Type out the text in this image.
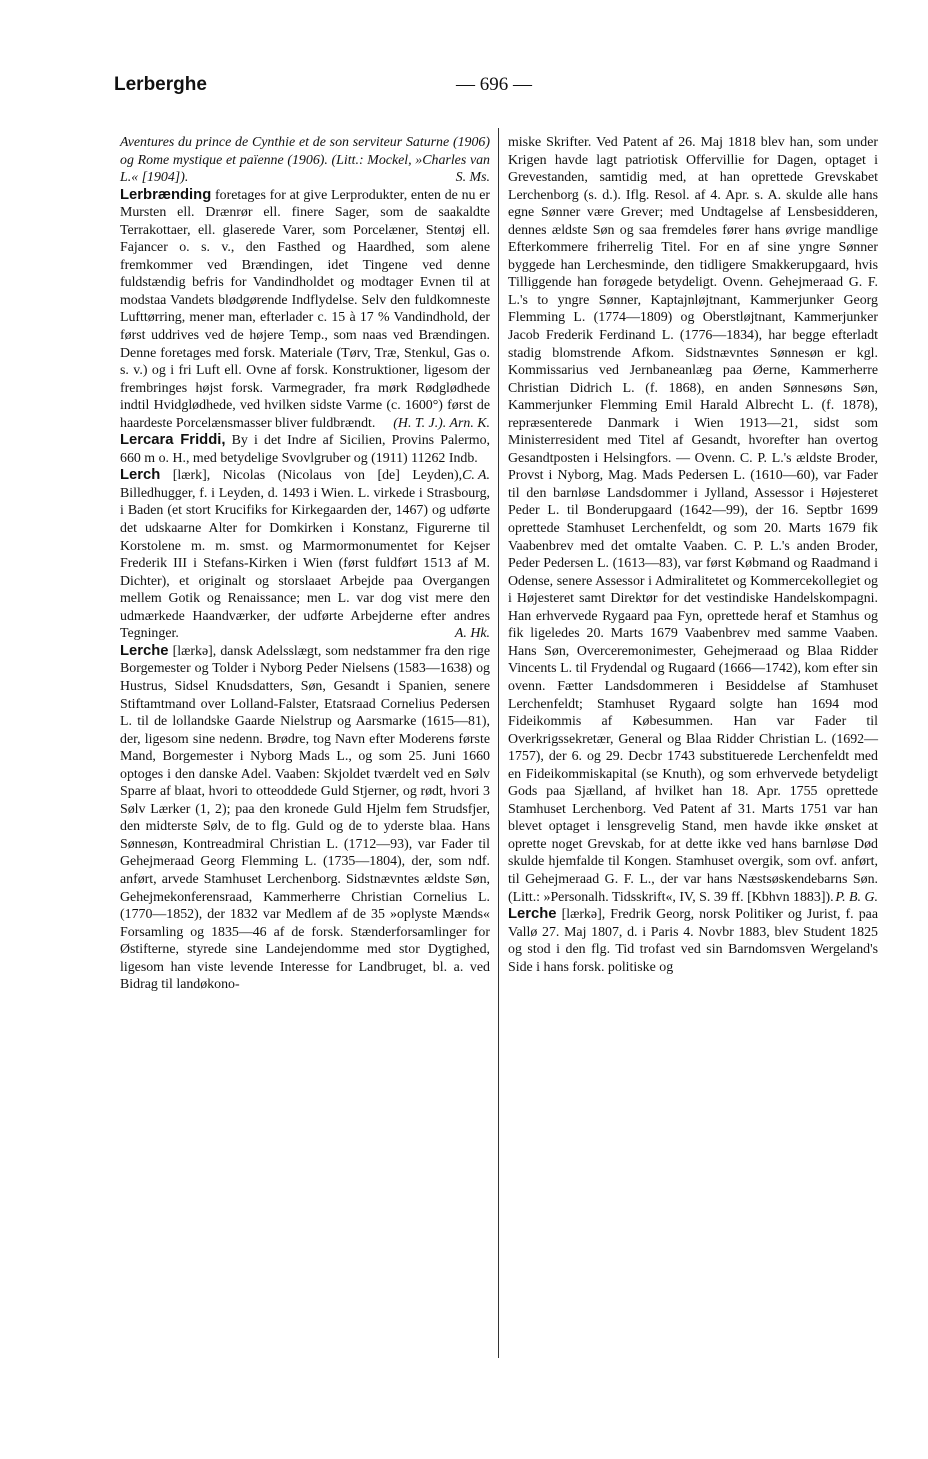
Lerberghe	— 696 —

Aventures du prince de Cynthie et de son serviteur Saturne (1906) og Rome mystique et païenne (1906). (Litt.: Mockel, »Charles van L.« [1904]).	S. Ms.

Lerbrænding foretages for at give Lerprodukter, enten de nu er Mursten ell. Drænrør ell. finere Sager, som de saakaldte Terrakottaer, ell. glaserede Varer, som Porcelæner, Stentøj ell. Fajancer o. s. v., den Fasthed og Haardhed, som alene fremkommer ved Brændingen, idet Tingene ved denne fuldstændig befris for Vandindholdet og modtager Evnen til at modstaa Vandets blødgørende Indflydelse. Selv den fuldkomneste Lufttørring, mener man, efterlader c. 15 à 17 % Vandindhold, der først uddrives ved de højere Temp., som naas ved Brændingen. Denne foretages med forsk. Materiale (Tørv, Træ, Stenkul, Gas o. s. v.) og i fri Luft ell. Ovne af forsk. Konstruktioner, ligesom der frembringes højst forsk. Varmegrader, fra mørk Rødglødhede indtil Hvidglødhede, ved hvilken sidste Varme (c. 1600°) først de haardeste Porcelænsmasser bliver fuldbrændt. (H. T. J.). Arn. K.

Lercara Friddi, By i det Indre af Sicilien, Provins Palermo, 660 m o. H., med betydelige Svovlgruber og (1911) 11262 Indb.
C. A.

Lerch [lærk], Nicolas (Nicolaus von [de] Leyden), Billedhugger, f. i Leyden, d. 1493 i Wien. L. virkede i Strasbourg, i Baden (et stort Krucifiks for Kirkegaarden der, 1467) og udførte det udskaarne Alter for Domkirken i Konstanz, Figurerne til Korstolene m. m. smst. og Marmormonumentet for Kejser Frederik III i Stefans-Kirken i Wien (først fuldført 1513 af M. Dichter), et originalt og storslaaet Arbejde paa Overgangen mellem Gotik og Renaissance; men L. var dog vist mere den udmærkede Haandværker, der udførte Arbejderne efter andres Tegninger.	A. Hk.

Lerche [lærkə], dansk Adelsslægt, som nedstammer fra den rige Borgemester og Tolder i Nyborg Peder Nielsens (1583—1638) og Hustrus, Sidsel Knudsdatters, Søn, Gesandt i Spanien, senere Stiftamtmand over Lolland-Falster, Etatsraad Cornelius Pedersen L. til de lollandske Gaarde Nielstrup og Aarsmarke (1615—81), der, ligesom sine nedenn. Brødre, tog Navn efter Moderens første Mand, Borgemester i Nyborg Mads L., og som 25. Juni 1660 optoges i den danske Adel. Vaaben: Skjoldet tværdelt ved en Sølv Sparre af blaat, hvori to otteoddede Guld Stjerner, og rødt, hvori 3 Sølv Lærker (1, 2); paa den kronede Guld Hjelm fem Strudsfjer, den midterste Sølv, de to flg. Guld og de to yderste blaa. Hans Sønnesøn, Kontreadmiral Christian L. (1712—93), var Fader til Gehejmeraad Georg Flemming L. (1735—1804), der, som ndf. anført, arvede Stamhuset Lerchenborg. Sidstnævntes ældste Søn, Gehejmekonferensraad, Kammerherre Christian Cornelius L. (1770—1852), der 1832 var Medlem af de 35 »oplyste Mænds« Forsamling og 1835—46 af de forsk. Stænderforsamlinger for Østifterne, styrede sine Landejendomme med stor Dygtighed, ligesom han viste levende Interesse for Landbruget, bl. a. ved Bidrag til landøkono-

miske Skrifter. Ved Patent af 26. Maj 1818 blev han, som under Krigen havde lagt patriotisk Offervillie for Dagen, optaget i Grevestanden, samtidig med, at han oprettede Grevskabet Lerchenborg (s. d.). Iflg. Resol. af 4. Apr. s. A. skulde alle hans egne Sønner være Grever; med Undtagelse af Lensbesidderen, dennes ældste Søn og saa fremdeles fører hans øvrige mandlige Efterkommere friherrelig Titel. For en af sine yngre Sønner byggede han Lerchesminde, den tidligere Smakkerupgaard, hvis Tilliggende han forøgede betydeligt. Ovenn. Gehejmeraad G. F. L.'s to yngre Sønner, Kaptajnløjtnant, Kammerjunker Georg Flemming L. (1774—1809) og Oberstløjtnant, Kammerjunker Jacob Frederik Ferdinand L. (1776—1834), har begge efterladt stadig blomstrende Afkom. Sidstnævntes Sønnesøn er kgl. Kommissarius ved Jernbaneanlæg paa Øerne, Kammerherre Christian Didrich L. (f. 1868), en anden Sønnesøns Søn, Kammerjunker Flemming Emil Harald Albrecht L. (f. 1878), repræsenterede Danmark i Wien 1913—21, sidst som Ministerresident med Titel af Gesandt, hvorefter han overtog Gesandtposten i Helsingfors. — Ovenn. C. P. L.'s ældste Broder, Provst i Nyborg, Mag. Mads Pedersen L. (1610—60), var Fader til den barnløse Landsdommer i Jylland, Assessor i Højesteret Peder L. til Bonderupgaard (1642—99), der 16. Septbr 1699 oprettede Stamhuset Lerchenfeldt, og som 20. Marts 1679 fik Vaabenbrev med det omtalte Vaaben. C. P. L.'s anden Broder, Peder Pedersen L. (1613—83), var først Købmand og Raadmand i Odense, senere Assessor i Admiralitetet og Kommercekollegiet og i Højesteret samt Direktør for det vestindiske Handelskompagni. Han erhvervede Rygaard paa Fyn, oprettede heraf et Stamhus og fik ligeledes 20. Marts 1679 Vaabenbrev med samme Vaaben. Hans Søn, Overceremonimester, Gehejmeraad og Blaa Ridder Vincents L. til Frydendal og Rugaard (1666—1742), kom efter sin ovenn. Fætter Landsdommeren i Besiddelse af Stamhuset Lerchenfeldt; Stamhuset Rygaard solgte han 1694 mod Fideikommis af Købesummen. Han var Fader til Overkrigssekretær, General og Blaa Ridder Christian L. (1692—1757), der 6. og 29. Decbr 1743 substituerede Lerchenfeldt med en Fideikommiskapital (se Knuth), og som erhvervede betydeligt Gods paa Sjælland, af hvilket han 18. Apr. 1755 oprettede Stamhuset Lerchenborg. Ved Patent af 31. Marts 1751 var han blevet optaget i lensgrevelig Stand, men havde ikke ønsket at oprette noget Grevskab, for at dette ikke ved hans barnløse Død skulde hjemfalde til Kongen. Stamhuset overgik, som ovf. anført, til Gehejmeraad G. F. L., der var hans Næstsøskendebarns Søn. (Litt.: »Personalh. Tidsskrift«, IV, S. 39 ff. [Kbhvn 1883]). P. B. G.

Lerche [lærkə], Fredrik Georg, norsk Politiker og Jurist, f. paa Vallø 27. Maj 1807, d. i Paris 4. Novbr 1883, blev Student 1825 og stod i den flg. Tid trofast ved sin Barndomsven Wergeland's Side i hans forsk. politiske og
